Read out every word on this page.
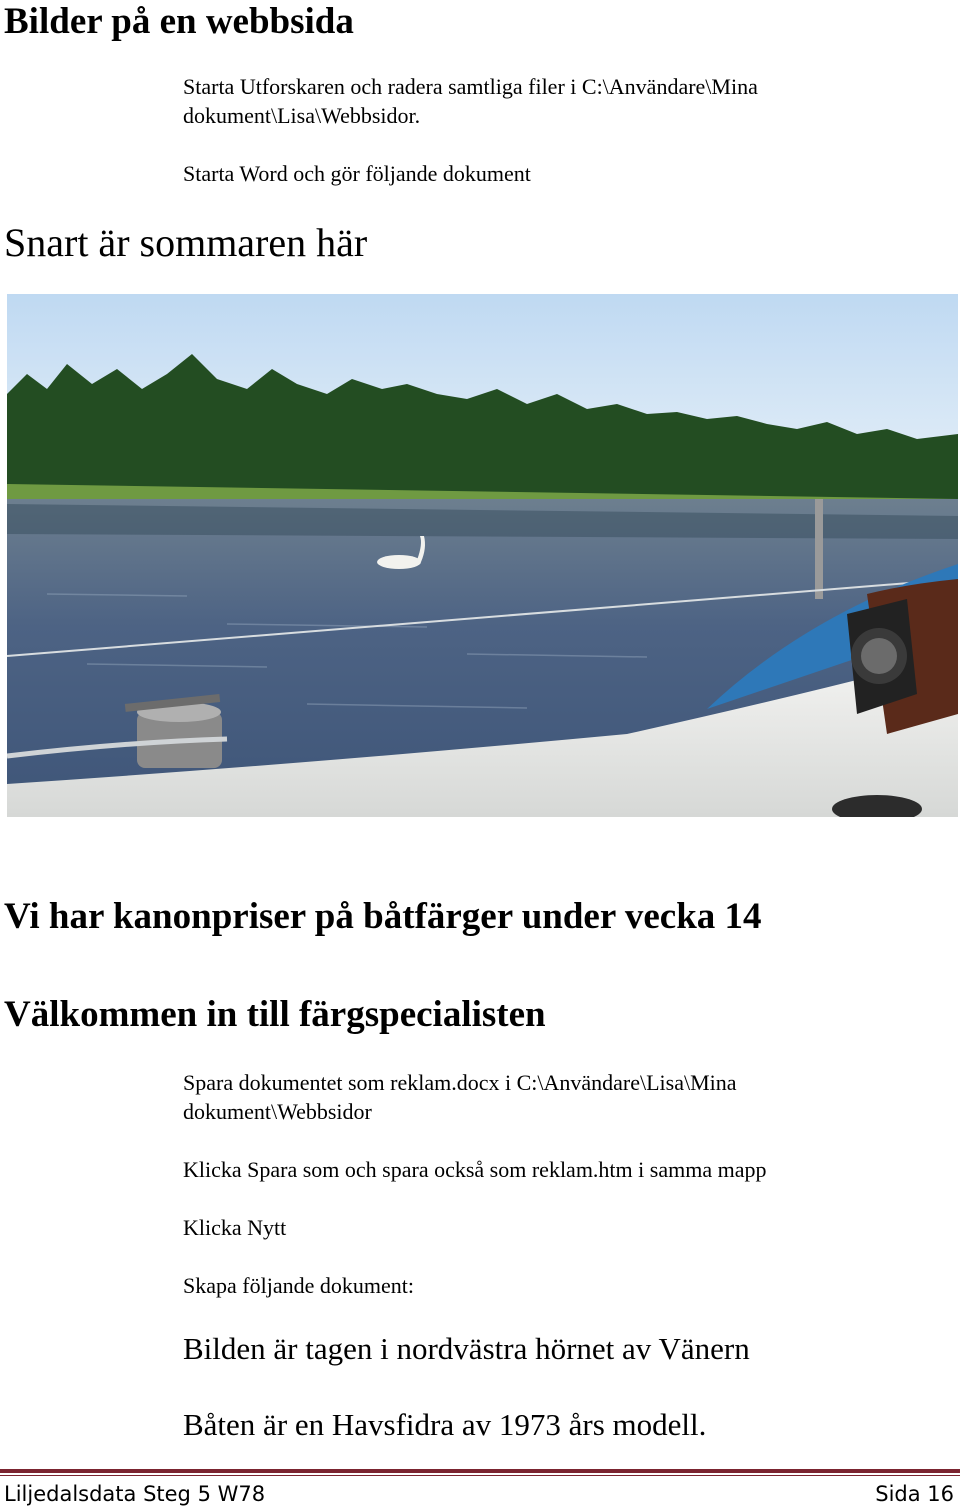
Bilder på en webbsida

Starta Utforskaren och radera samtliga filer i C:\Användare\Mina dokument\Lisa\Webbsidor.

Starta Word och gör följande dokument

Snart är sommaren här
Vi har kanonpriser på båtfärger under vecka 14
Välkommen in till färgspecialisten

Spara dokumentet som reklam.docx i C:\Användare\Lisa\Mina dokument\Webbsidor

Klicka Spara som och spara också som reklam.htm i samma mapp

Klicka Nytt

Skapa följande dokument:

Bilden är tagen i nordvästra hörnet av Vänern
Båten är en Havsfidra av 1973 års modell.
Liljedalsdata Steg 5 W78	Sida 16
